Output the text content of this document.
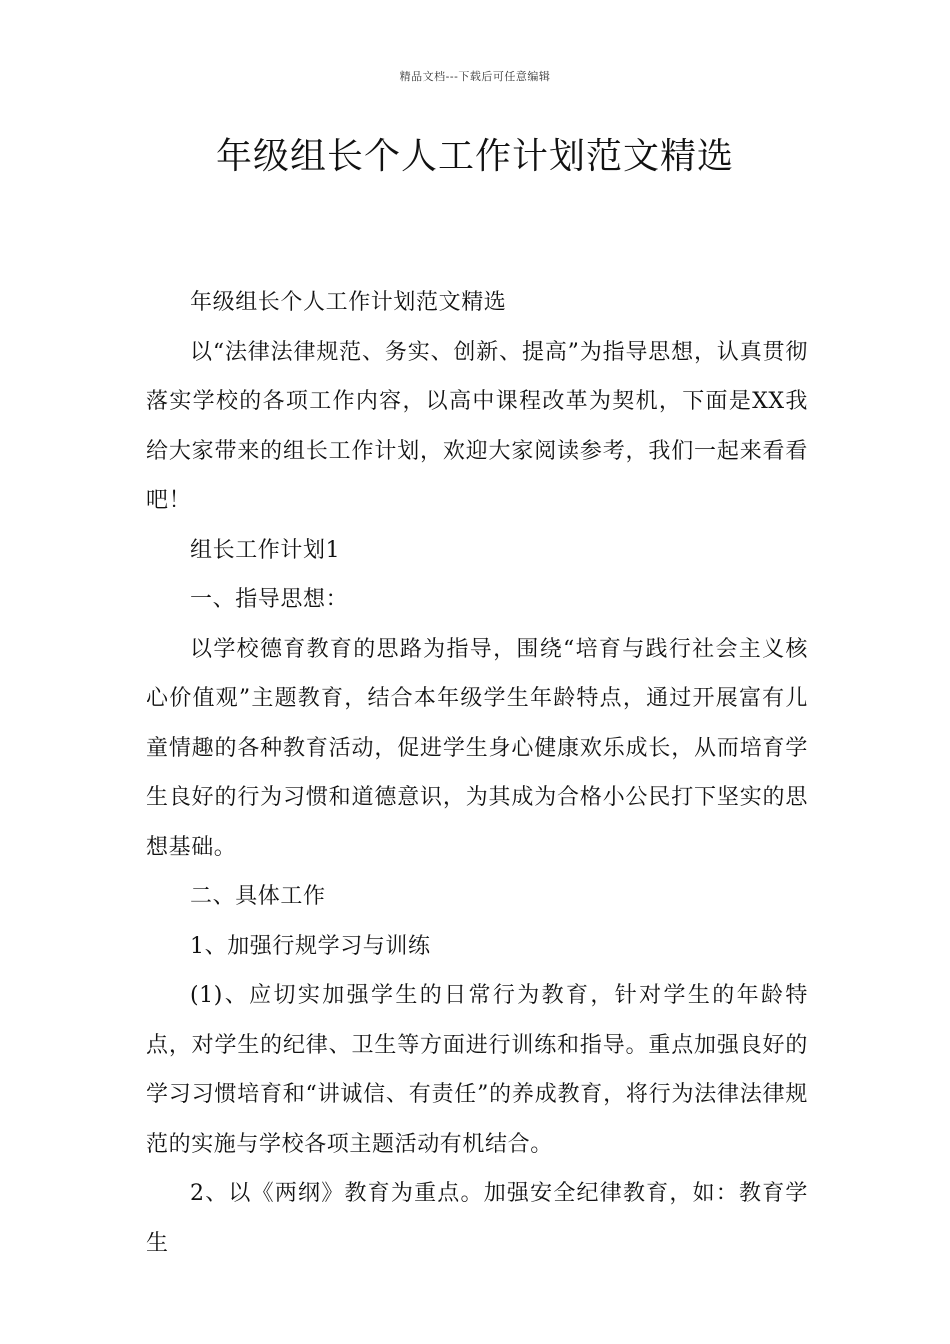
精品文档---下载后可任意编辑
年级组长个人工作计划范文精选

年级组长个人工作计划范文精选

以“法律法律规范、务实、创新、提高”为指导思想，认真贯彻落实学校的各项工作内容，以高中课程改革为契机，下面是XX我给大家带来的组长工作计划，欢迎大家阅读参考，我们一起来看看吧！

组长工作计划1

一、指导思想：

以学校德育教育的思路为指导，围绕“培育与践行社会主义核心价值观”主题教育，结合本年级学生年龄特点，通过开展富有儿童情趣的各种教育活动，促进学生身心健康欢乐成长，从而培育学生良好的行为习惯和道德意识，为其成为合格小公民打下坚实的思想基础。

二、具体工作

1、加强行规学习与训练

(1)、应切实加强学生的日常行为教育，针对学生的年龄特点，对学生的纪律、卫生等方面进行训练和指导。重点加强良好的学习习惯培育和“讲诚信、有责任”的养成教育，将行为法律法律规范的实施与学校各项主题活动有机结合。

2、以《两纲》教育为重点。加强安全纪律教育，如：教育学生
